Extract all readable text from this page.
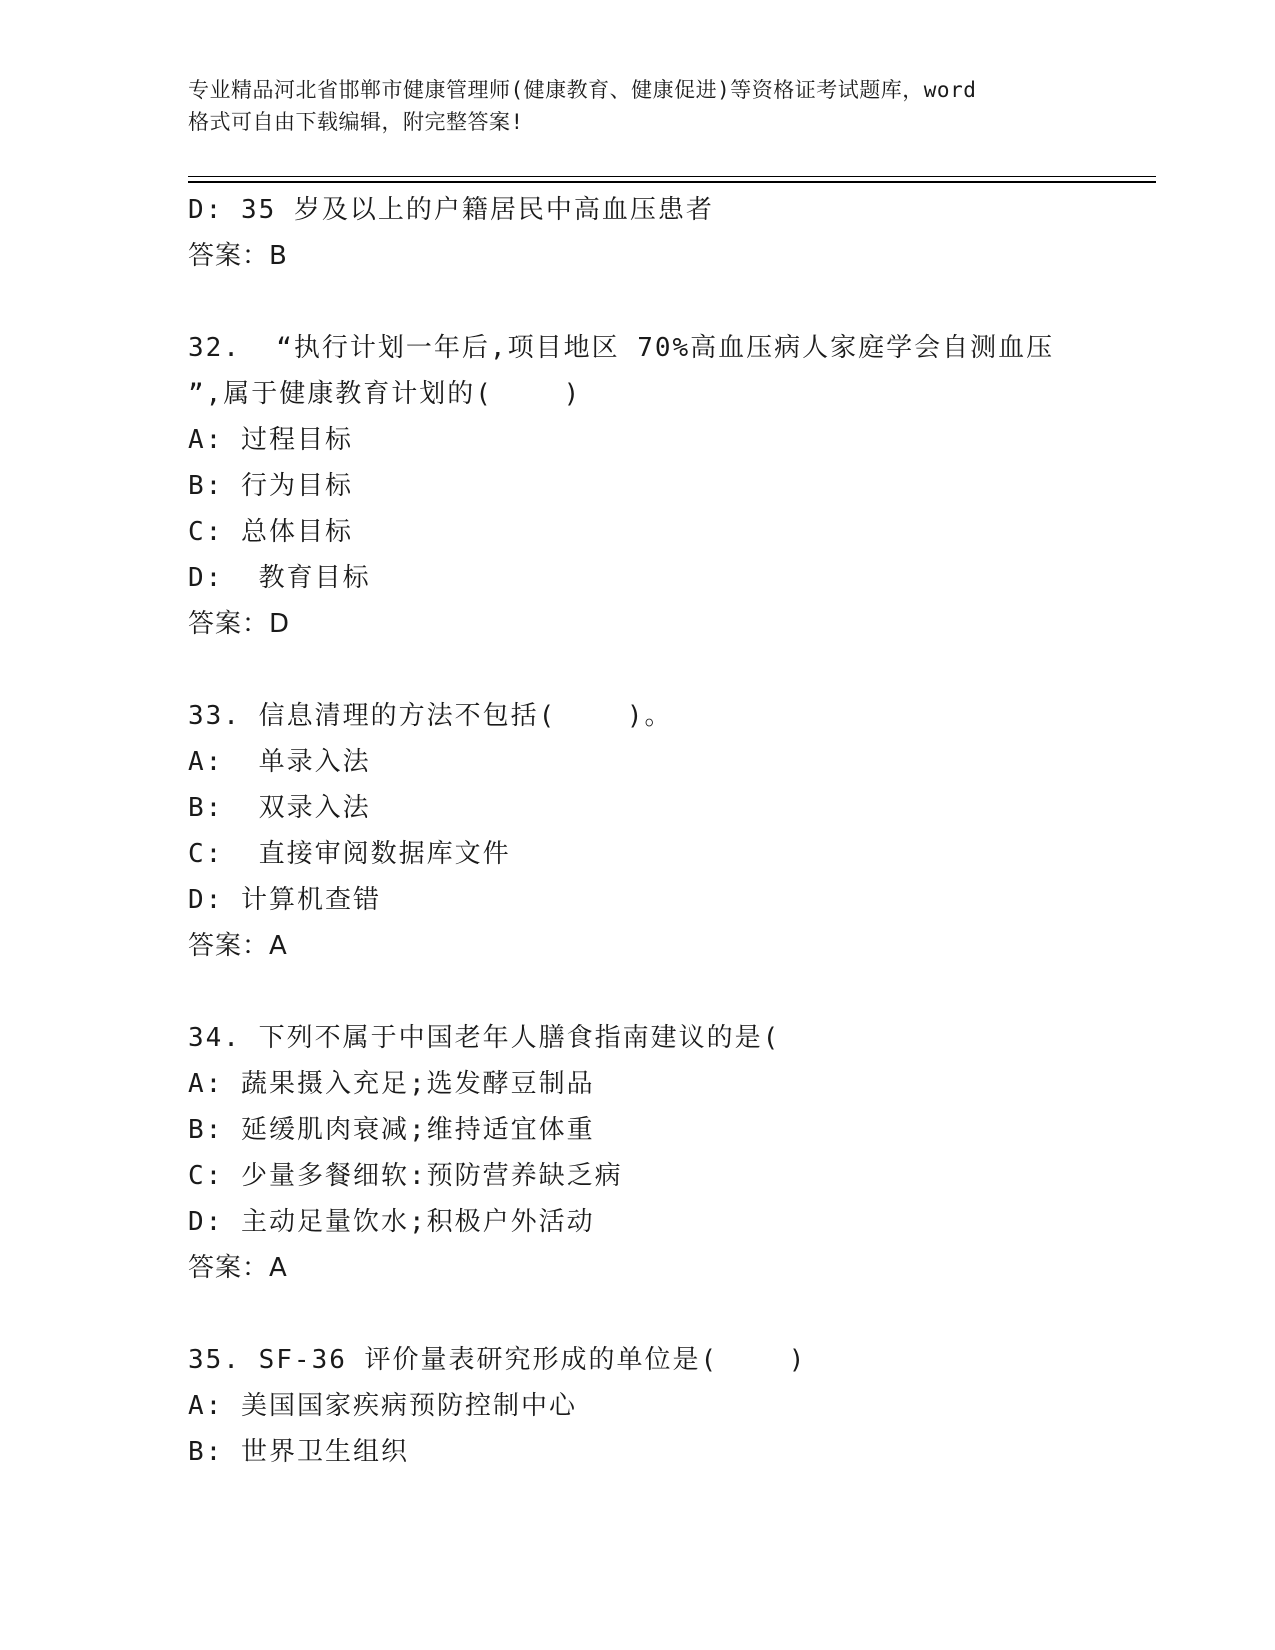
专业精品河北省邯郸市健康管理师(健康教育、健康促进)等资格证考试题库，word
格式可自由下载编辑，附完整答案!
D: 35 岁及以上的户籍居民中高血压患者
答案：B
32.  “执行计划一年后,项目地区 70%高血压病人家庭学会自测血压
”,属于健康教育计划的(    )
A: 过程目标
B: 行为目标
C: 总体目标
D:  教育目标
答案：D
33. 信息清理的方法不包括(    )。
A:  单录入法
B:  双录入法
C:  直接审阅数据库文件
D: 计算机查错
答案：A
34. 下列不属于中国老年人膳食指南建议的是(
A: 蔬果摄入充足;选发酵豆制品
B: 延缓肌肉衰减;维持适宜体重
C: 少量多餐细软:预防营养缺乏病
D: 主动足量饮水;积极户外活动
答案：A
35. SF-36 评价量表研究形成的单位是(    )
A: 美国国家疾病预防控制中心
B: 世界卫生组织
